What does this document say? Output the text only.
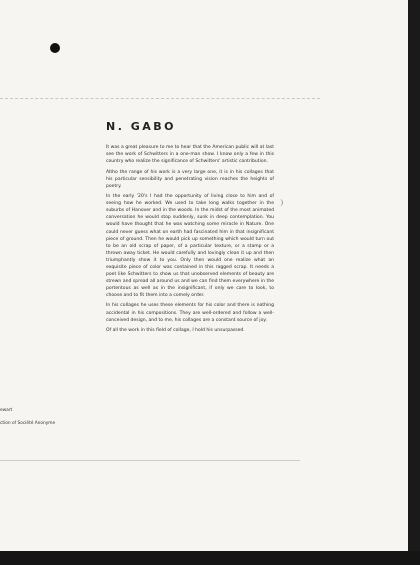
N. GABO

It was a great pleasure to me to hear that the American public will at last see the work of Schwitters in a one-man show. I know only a few in this country who realize the significance of Schwitters' artistic contribution.

Altho the range of his work is a very large one, it is in his collages that his particular sensibility and penetrating vision reaches the heights of poetry.

In the early '20's I had the opportunity of living close to him and of seeing how he worked. We used to take long walks together in the suburbs of Hanover and in the woods. In the midst of the most animated conversation he would stop suddenly, sunk in deep contemplation. You would have thought that he was watching some miracle in Nature. One could never guess what on earth had fascinated him in that insignificant piece of ground. Then he would pick up something which would turn out to be an old scrap of paper, of a particular texture, or a stamp or a thrown away ticket. He would carefully and lovingly clean it up and then triumphantly show it to you. Only then would one realize what an exquisite piece of color was contained in this ragged scrap. It needs a poet like Schwitters to show us that unobserved elements of beauty are strewn and spread all around us and we can find them everywhere in the portentous as well as in the insignificant, if only we care to look, to choose and to fit them into a comely order.

In his collages he uses these elements for his color and there is nothing accidental in his compositions. They are well-ordered and follow a well-conceived design, and to me, his collages are a constant source of joy.

Of all the work in this field of collage, I hold his unsurpassed.

ewart
ction of Société Anonyme
